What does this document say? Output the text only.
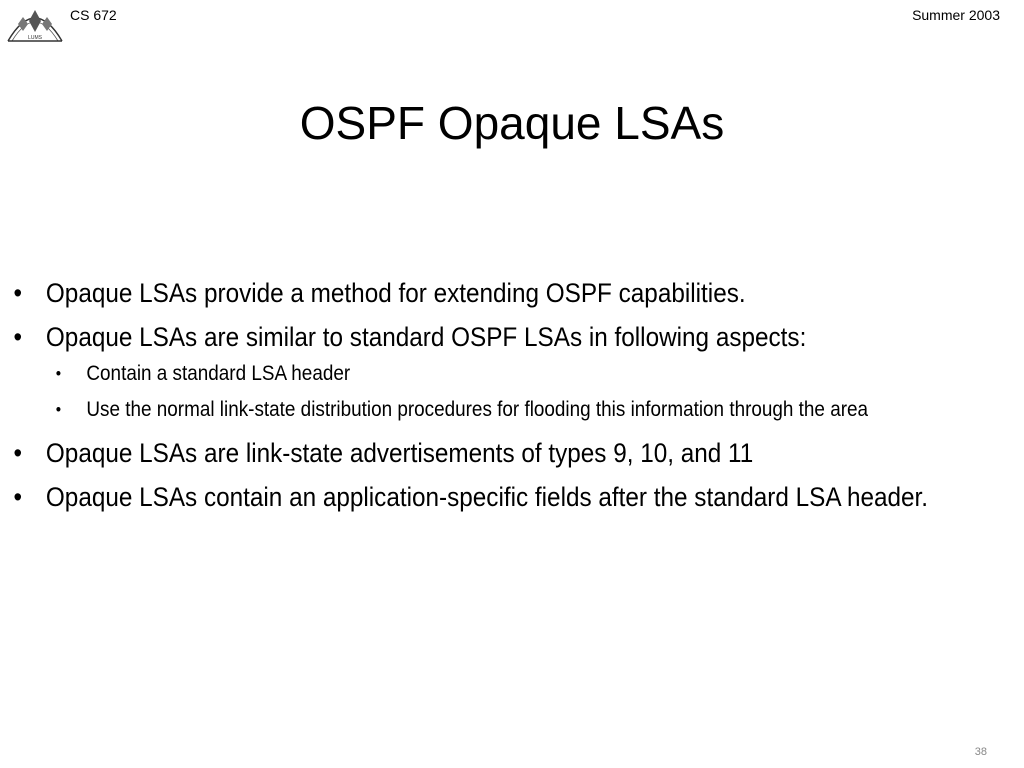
LUMS
CS 672	Summer 2003
OSPF Opaque LSAs
• Opaque LSAs provide a method for extending OSPF capabilities.
• Opaque LSAs are similar to standard OSPF LSAs in following aspects:
• Contain a standard LSA header
• Use the normal link-state distribution procedures for flooding this information through the area
• Opaque LSAs are link-state advertisements of types 9, 10, and 11
• Opaque LSAs contain an application-specific fields after the standard LSA header.
38
